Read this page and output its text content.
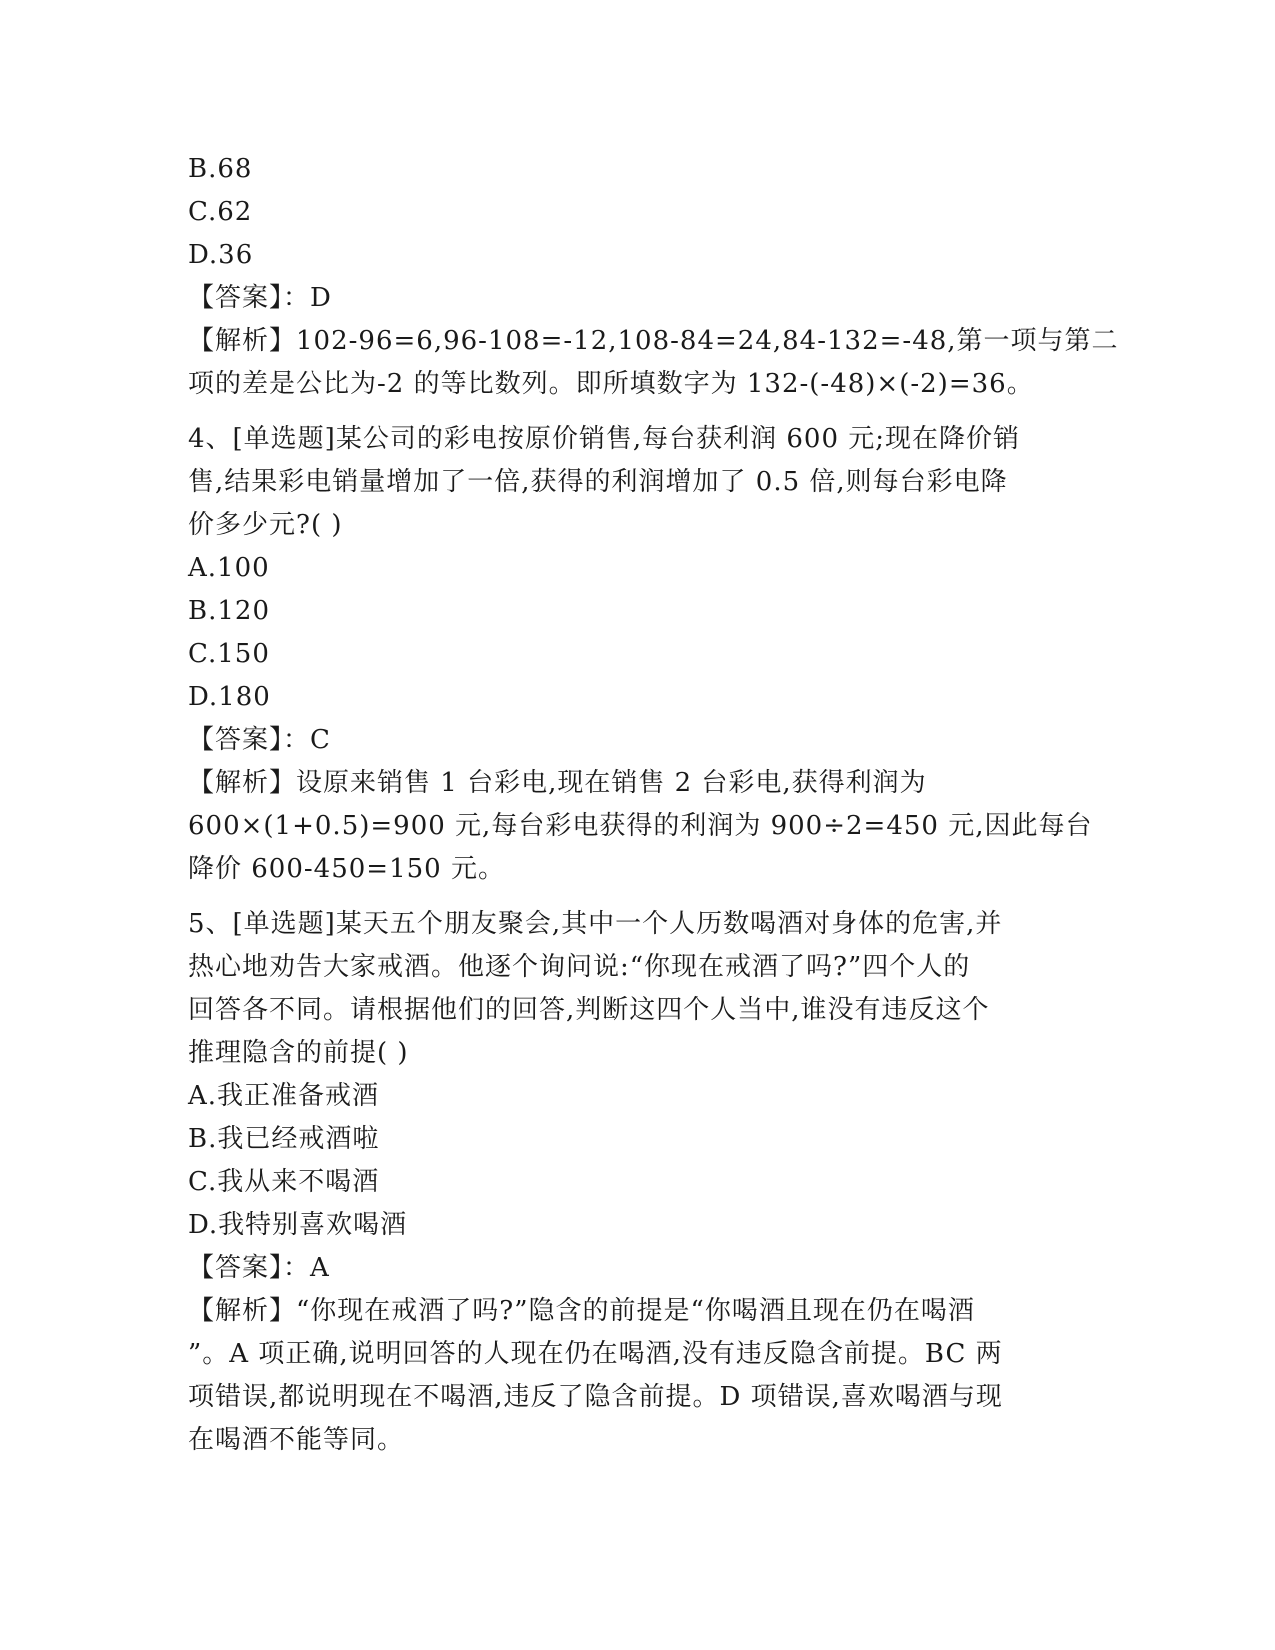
B.68
C.62
D.36
【答案】：D
【解析】102-96=6,96-108=-12,108-84=24,84-132=-48,第一项与第二
项的差是公比为-2 的等比数列。即所填数字为 132-(-48)×(-2)=36。
4、[单选题]某公司的彩电按原价销售,每台获利润 600 元;现在降价销
售,结果彩电销量增加了一倍,获得的利润增加了 0.5 倍,则每台彩电降
价多少元?( )
A.100
B.120
C.150
D.180
【答案】：C
【解析】设原来销售 1 台彩电,现在销售 2 台彩电,获得利润为
600×(1+0.5)=900 元,每台彩电获得的利润为 900÷2=450 元,因此每台
降价 600-450=150 元。
5、[单选题]某天五个朋友聚会,其中一个人历数喝酒对身体的危害,并
热心地劝告大家戒酒。他逐个询问说:“你现在戒酒了吗?”四个人的
回答各不同。请根据他们的回答,判断这四个人当中,谁没有违反这个
推理隐含的前提( )
A.我正准备戒酒
B.我已经戒酒啦
C.我从来不喝酒
D.我特别喜欢喝酒
【答案】：A
【解析】“你现在戒酒了吗?”隐含的前提是“你喝酒且现在仍在喝酒
”。A 项正确,说明回答的人现在仍在喝酒,没有违反隐含前提。BC 两
项错误,都说明现在不喝酒,违反了隐含前提。D 项错误,喜欢喝酒与现
在喝酒不能等同。
